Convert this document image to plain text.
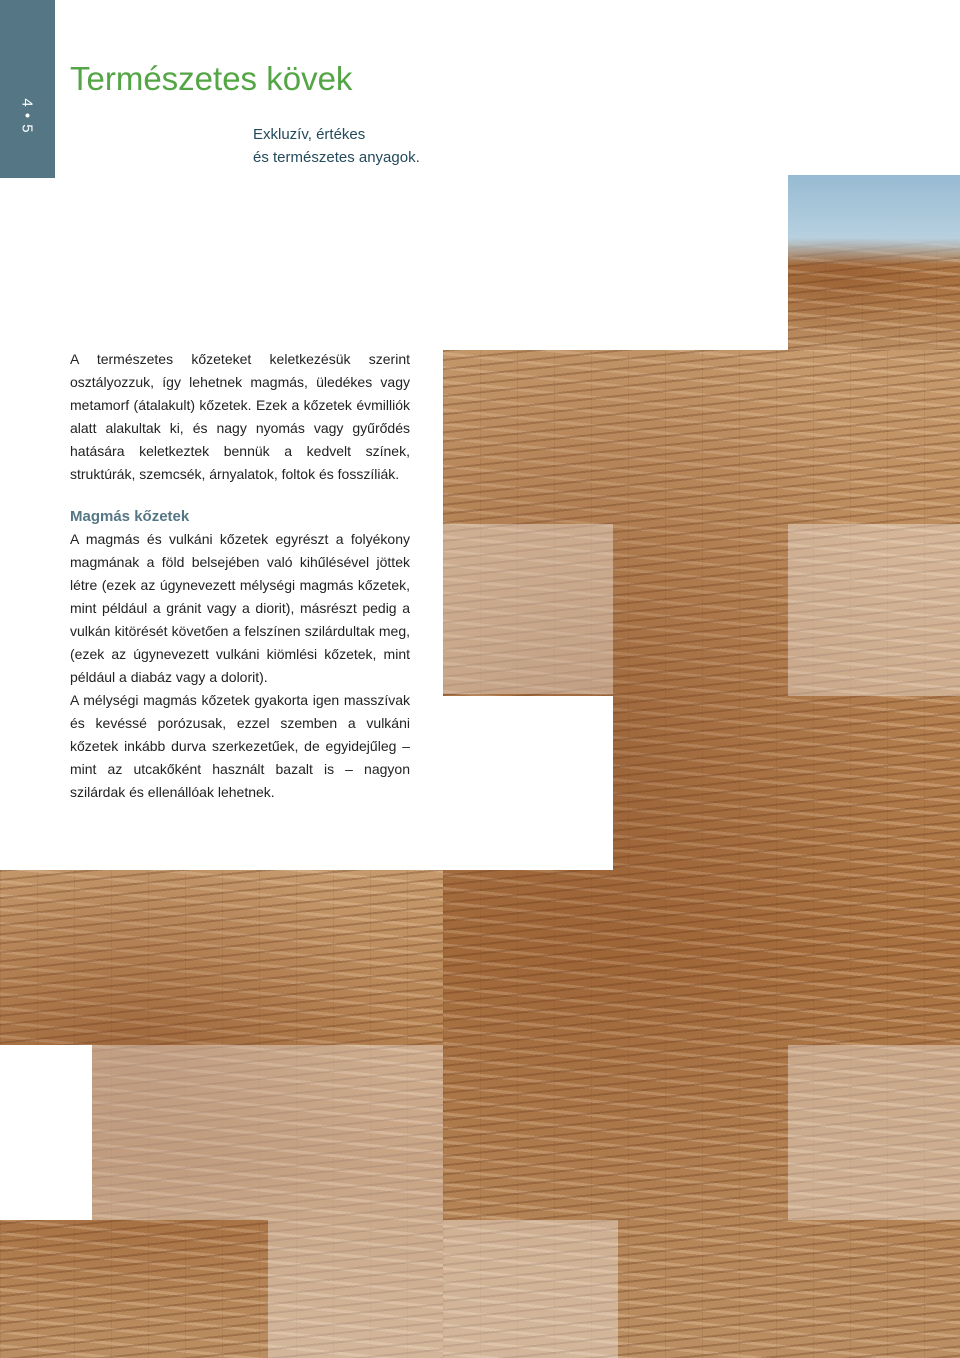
4 • 5
Természetes kövek
Exkluzív, értékes
és természetes anyagok.

A természetes kőzeteket keletkezésük szerint osztályozzuk, így lehetnek magmás, üledékes vagy metamorf (átalakult) kőzetek. Ezek a kőzetek évmilliók alatt alakultak ki, és nagy nyomás vagy gyűrődés hatására keletkeztek bennük a kedvelt színek, struktúrák, szemcsék, árnyalatok, foltok és fosszíliák.

Magmás kőzetek

A magmás és vulkáni kőzetek egyrészt a folyékony magmának a föld belsejében való kihűlésével jöttek létre (ezek az úgynevezett mélységi magmás kőzetek, mint például a gránit vagy a diorit), másrészt pedig a vulkán kitörését követően a felszínen szilárdultak meg, (ezek az úgynevezett vulkáni kiömlési kőzetek, mint például a diabáz vagy a dolorit).

A mélységi magmás kőzetek gyakorta igen masszívak és kevéssé porózusak, ezzel szemben a vulkáni kőzetek inkább durva szerkezetűek, de egyidejűleg – mint az utcakőként használt bazalt is – nagyon szilárdak és ellenállóak lehetnek.
